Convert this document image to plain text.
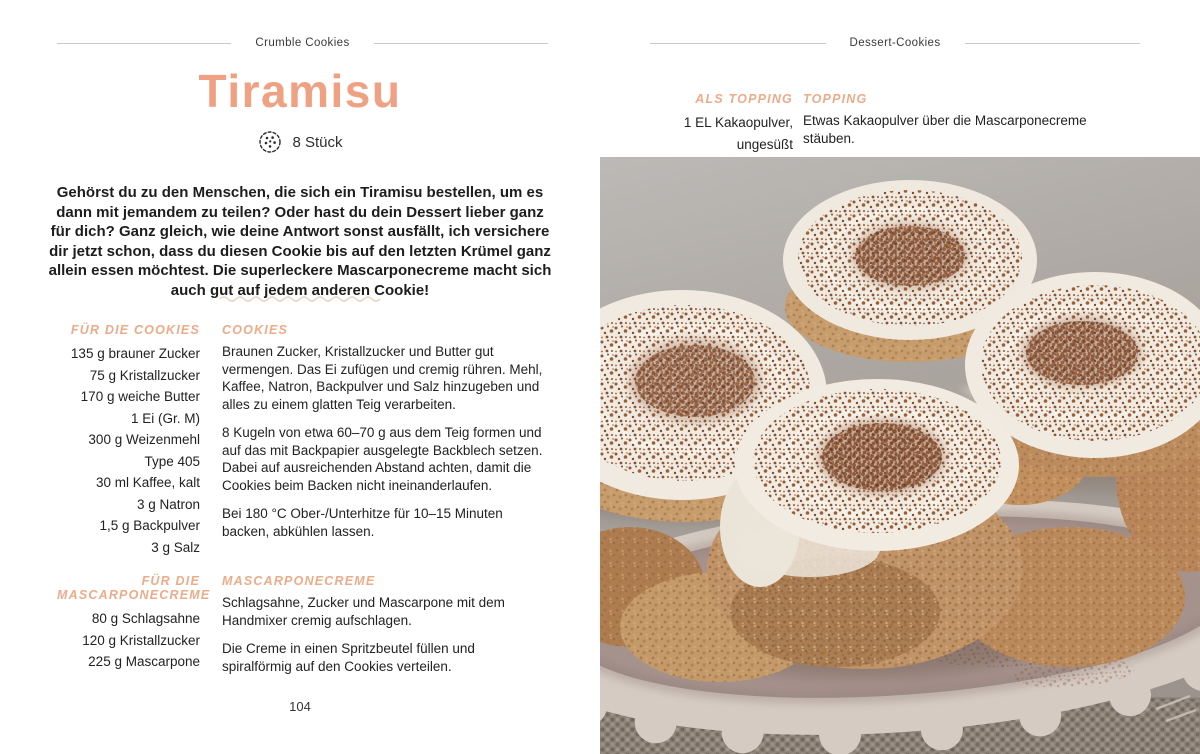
Crumble Cookies
Tiramisu
8 Stück

Gehörst du zu den Menschen, die sich ein Tiramisu bestellen, um es dann mit jemandem zu teilen? Oder hast du dein Dessert lieber ganz für dich? Ganz gleich, wie deine Antwort sonst ausfällt, ich versichere dir jetzt schon, dass du diesen Cookie bis auf den letzten Krümel ganz allein essen möchtest. Die superleckere Mascarponecreme macht sich auch gut auf jedem anderen Cookie!

FÜR DIE COOKIES
135 g brauner Zucker
75 g Kristallzucker
170 g weiche Butter
1 Ei (Gr. M)
300 g Weizenmehl Type 405
30 ml Kaffee, kalt
3 g Natron
1,5 g Backpulver
3 g Salz
COOKIES

Braunen Zucker, Kristallzucker und Butter gut vermengen. Das Ei zufügen und cremig rühren. Mehl, Kaffee, Natron, Backpulver und Salz hinzugeben und alles zu einem glatten Teig verarbeiten.

8 Kugeln von etwa 60–70 g aus dem Teig formen und auf das mit Backpapier ausgelegte Backblech setzen. Dabei auf ausreichenden Abstand achten, damit die Cookies beim Backen nicht ineinanderlaufen.

Bei 180 °C Ober-/Unterhitze für 10–15 Minuten backen, abkühlen lassen.

FÜR DIE MASCARPONECREME
80 g Schlagsahne
120 g Kristallzucker
225 g Mascarpone
MASCARPONECREME

Schlagsahne, Zucker und Mascarpone mit dem Handmixer cremig aufschlagen.

Die Creme in einen Spritzbeutel füllen und spiralförmig auf den Cookies verteilen.

104
Dessert-Cookies
ALS TOPPING
1 EL Kakaopulver, ungesüßt
TOPPING

Etwas Kakaopulver über die Mascarponecreme stäuben.
